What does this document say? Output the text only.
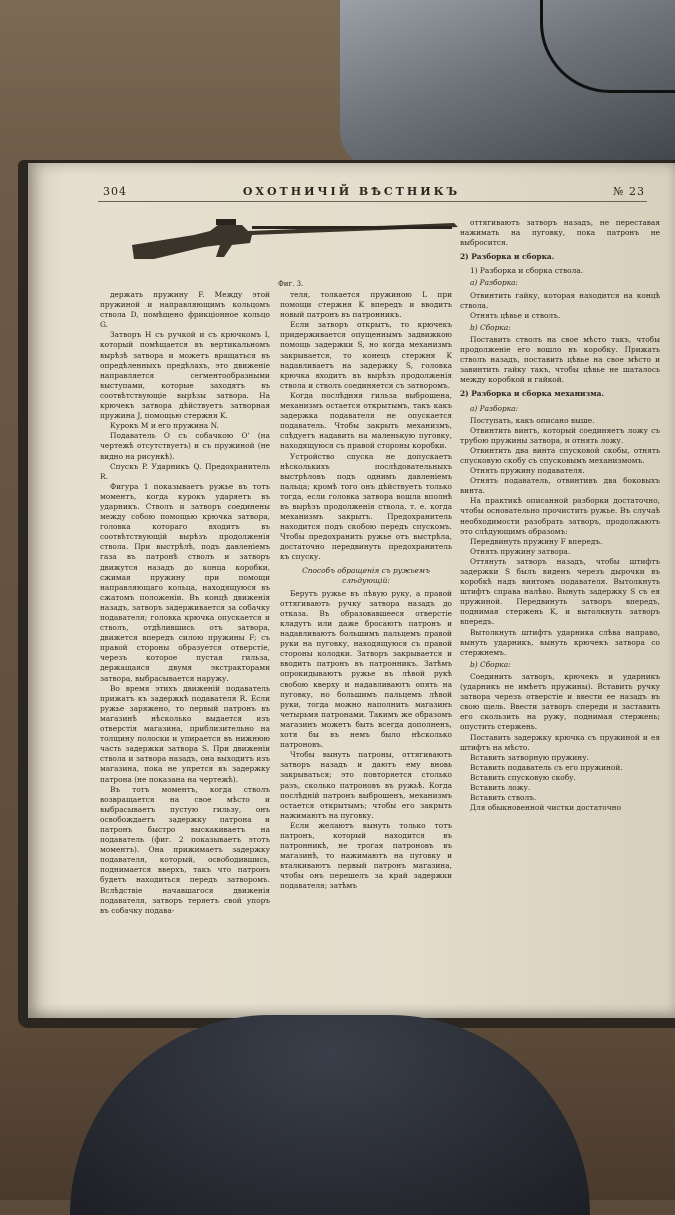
304	ОХОТНИЧІЙ ВѢСТНИКЪ	№ 23
Фиг. 3.

держать пружину F. Между этой пружиной и направляющимъ кольцомъ ствола D, помѣщено фрикціонное кольцо G.

Затворъ H съ ручкой и съ крючкомъ I, который помѣщается въ вертикальномъ вырѣзѣ затвора и можетъ вращаться въ опредѣленныхъ предѣлахъ, это движеніе направляется сегментообразными выступами, которые заходятъ въ соотвѣтствующіе вырѣзы затвора. На крючекъ затвора дѣйствуетъ затворная пружина J, помощью стержня K.

Курокъ M и его пружина N.

Подаватель O съ собачкою O' (на чертежѣ отсутствуетъ) и съ пружиной (не видно на рисункѣ).

Спускъ P. Ударникъ Q. Предохранитель R.

Фигура 1 показываетъ ружье въ тотъ моментъ, когда курокъ ударяетъ въ ударникъ. Стволъ и затворъ соединены между собою помощью крючка затвора, головка котораго входитъ въ соотвѣтствующій вырѣзъ продолженія ствола. При выстрѣлѣ, подъ давленіемъ газа въ патронѣ стволъ и затворъ движутся назадъ до конца коробки, сжимая пружину при помощи направляющаго кольца, находящуюся въ сжатомъ положеніи. Въ концѣ движенія назадъ, затворъ задерживается за собачку подавателя; головка крючка опускается и стволъ, отдѣлившись отъ затвора, движется впередъ силою пружины F; съ правой стороны образуется отверстіе, черезъ которое пустая гильза, держащаяся двумя экстракторами затвора, выбрасывается наружу.

Во время этихъ движеній подаватель прижатъ къ задержкѣ подавателя R. Если ружье заряжено, то первый патронъ въ магазинѣ нѣсколько выдается изъ отверстія магазина, приблизительно на толщину полоски и упирается въ нижнюю часть задержки затвора S. При движеніи ствола и затвора назадъ, она выходитъ изъ магазина, пока не упрется въ задержку патрона (не показана на чертежѣ).

Въ тотъ моментъ, когда стволъ возвращается на свое мѣсто и выбрасываетъ пустую гильзу, онъ освобождаетъ задержку патрона и патронъ быстро выскакиваетъ на подаватель (фиг. 2 показываетъ этотъ моментъ). Она прижимаетъ задержку подавателя, который, освободившись, поднимается вверхъ, такъ что патронъ будетъ находиться передъ затворомъ. Вслѣдствіе начавшагося движенія подавателя, затворъ теряетъ свой упоръ въ собачку подава-

теля, толкается пружиною L при помощи стержня K впередъ и вводитъ новый патронъ въ патронникъ.

Если затворъ открытъ, то крючекъ придерживается опущеннымъ задвижкою помощь задержки S, но когда механизмъ закрывается, то конецъ стержня K надавливаетъ на задержку S, головка крючка входитъ въ вырѣзъ продолженія ствола и стволъ соединяется съ затворомъ.

Когда послѣдняя гильза выброшена, механизмъ остается открытымъ, такъ какъ задержка подавателя не опускается подаватель. Чтобы закрыть механизмъ, слѣдуетъ надавить на маленькую пуговку, находящуюся съ правой стороны коробки.

Устройство спуска не допускаетъ нѣсколькихъ послѣдовательныхъ выстрѣловъ подъ однимъ давленіемъ пальца; кромѣ того онъ дѣйствуетъ только тогда, если головка затвора вошла вполнѣ въ вырѣзъ продолженія ствола, т. е. когда механизмъ закрытъ. Предохранитель находится подъ скобою передъ спускомъ. Чтобы предохранить ружье отъ выстрѣла, достаточно передвинуть предохранитель къ спуску.

Способъ обращенія съ ружьемъ слѣдующій:

Берутъ ружье въ лѣвую руку, а правой оттягиваютъ ручку затвора назадъ до отказа. Въ образовавшееся отверстіе кладутъ или даже бросаютъ патронъ и надавливаютъ большимъ пальцемъ правой руки на пуговку, находящуюся съ правой стороны колодки. Затворъ закрывается и вводитъ патронъ въ патронникъ. Затѣмъ опрокидываютъ ружье въ лѣвой рукѣ свобою кверху и надавливаютъ опять на пуговку, но большимъ пальцемъ лѣвой руки, тогда можно наполнить магазинъ четырьмя патронами. Такимъ же образомъ магазинъ можетъ быть всегда дополненъ, хотя бы въ немъ было нѣсколько патроновъ.

Чтобы вынуть патроны, оттягиваютъ затворъ назадъ и даютъ ему вновь закрываться; это повторяется столько разъ, сколько патроновъ въ ружьѣ. Когда послѣдній патронъ выброшенъ, механизмъ остается открытымъ; чтобы его закрыть нажимаютъ на пуговку.

Если желаютъ вынуть только тотъ патронъ, который находится въ патронникѣ, не трогая патроновъ въ магазинѣ, то нажимаютъ на пуговку и вталкиваютъ первый патронъ магазина, чтобы онъ перешелъ за край задержки подавателя; затѣмъ

оттягиваютъ затворъ назадъ, не переставая нажимать на пуговку, пока патронъ не выбросится.

2) Разборка и сборка.

1) Разборка и сборка ствола.

а) Разборка:

Отвинтить гайку, которая находится на концѣ ствола.

Отнять цѣвье и стволъ.

b) Сборка:

Поставить стволъ на свое мѣсто такъ, чтобы продолженіе его вошло въ коробку. Прижать стволъ назадъ, поставить цѣвье на свое мѣсто и завинтить гайку такъ, чтобы цѣвье не шаталось между коробкой и гайкой.

2) Разборка и сборка механизма.

а) Разборка:

Поступать, какъ описано выше.

Отвинтить винтъ, который соединяетъ ложу съ трубою пружины затвора, и отнять ложу.

Отвинтить два винта спусковой скобы, отнять спусковую скобу съ спусковымъ механизмомъ.

Отнять пружину подавателя.

Отнять подаватель, отвинтивъ два боковыхъ винта.

На практикѣ описанной разборки достаточно, чтобы основательно прочистить ружье. Въ случаѣ необходимости разобрать затворъ, продолжаютъ это слѣдующимъ образомъ:

Передвинуть пружину F впередъ.

Отнять пружину затвора.

Оттянуть затворъ назадъ, чтобы штифтъ задержки S былъ виденъ черезъ дырочки въ коробкѣ надъ винтомъ подавателя. Вытолкнуть штифтъ справа налѣво. Вынуть задержку S съ ея пружиной. Передвинуть затворъ впередъ, поднимая стержень K, и вытолкнуть затворъ впередъ.

Вытолкнуть штифтъ ударника слѣва направо, вынуть ударникъ, вынуть крючекъ затвора со стержнемъ.

b) Сборка:

Соединить затворъ, крючекъ и ударникъ (ударникъ не имѣетъ пружины). Вставить ручку затвора черезъ отверстіе и ввести ее назадъ въ свою щель. Ввести затворъ спереди и заставить его скользить на ружу, поднимая стержень; опустить стержень.

Поставить задержку крючка съ пружиной и ея штифтъ на мѣсто.

Вставить затворную пружину.

Вставить подаватель съ его пружиной.

Вставить спусковую скобу.

Вставить ложу.

Вставить стволъ.

Для обыкновенной чистки достаточно
